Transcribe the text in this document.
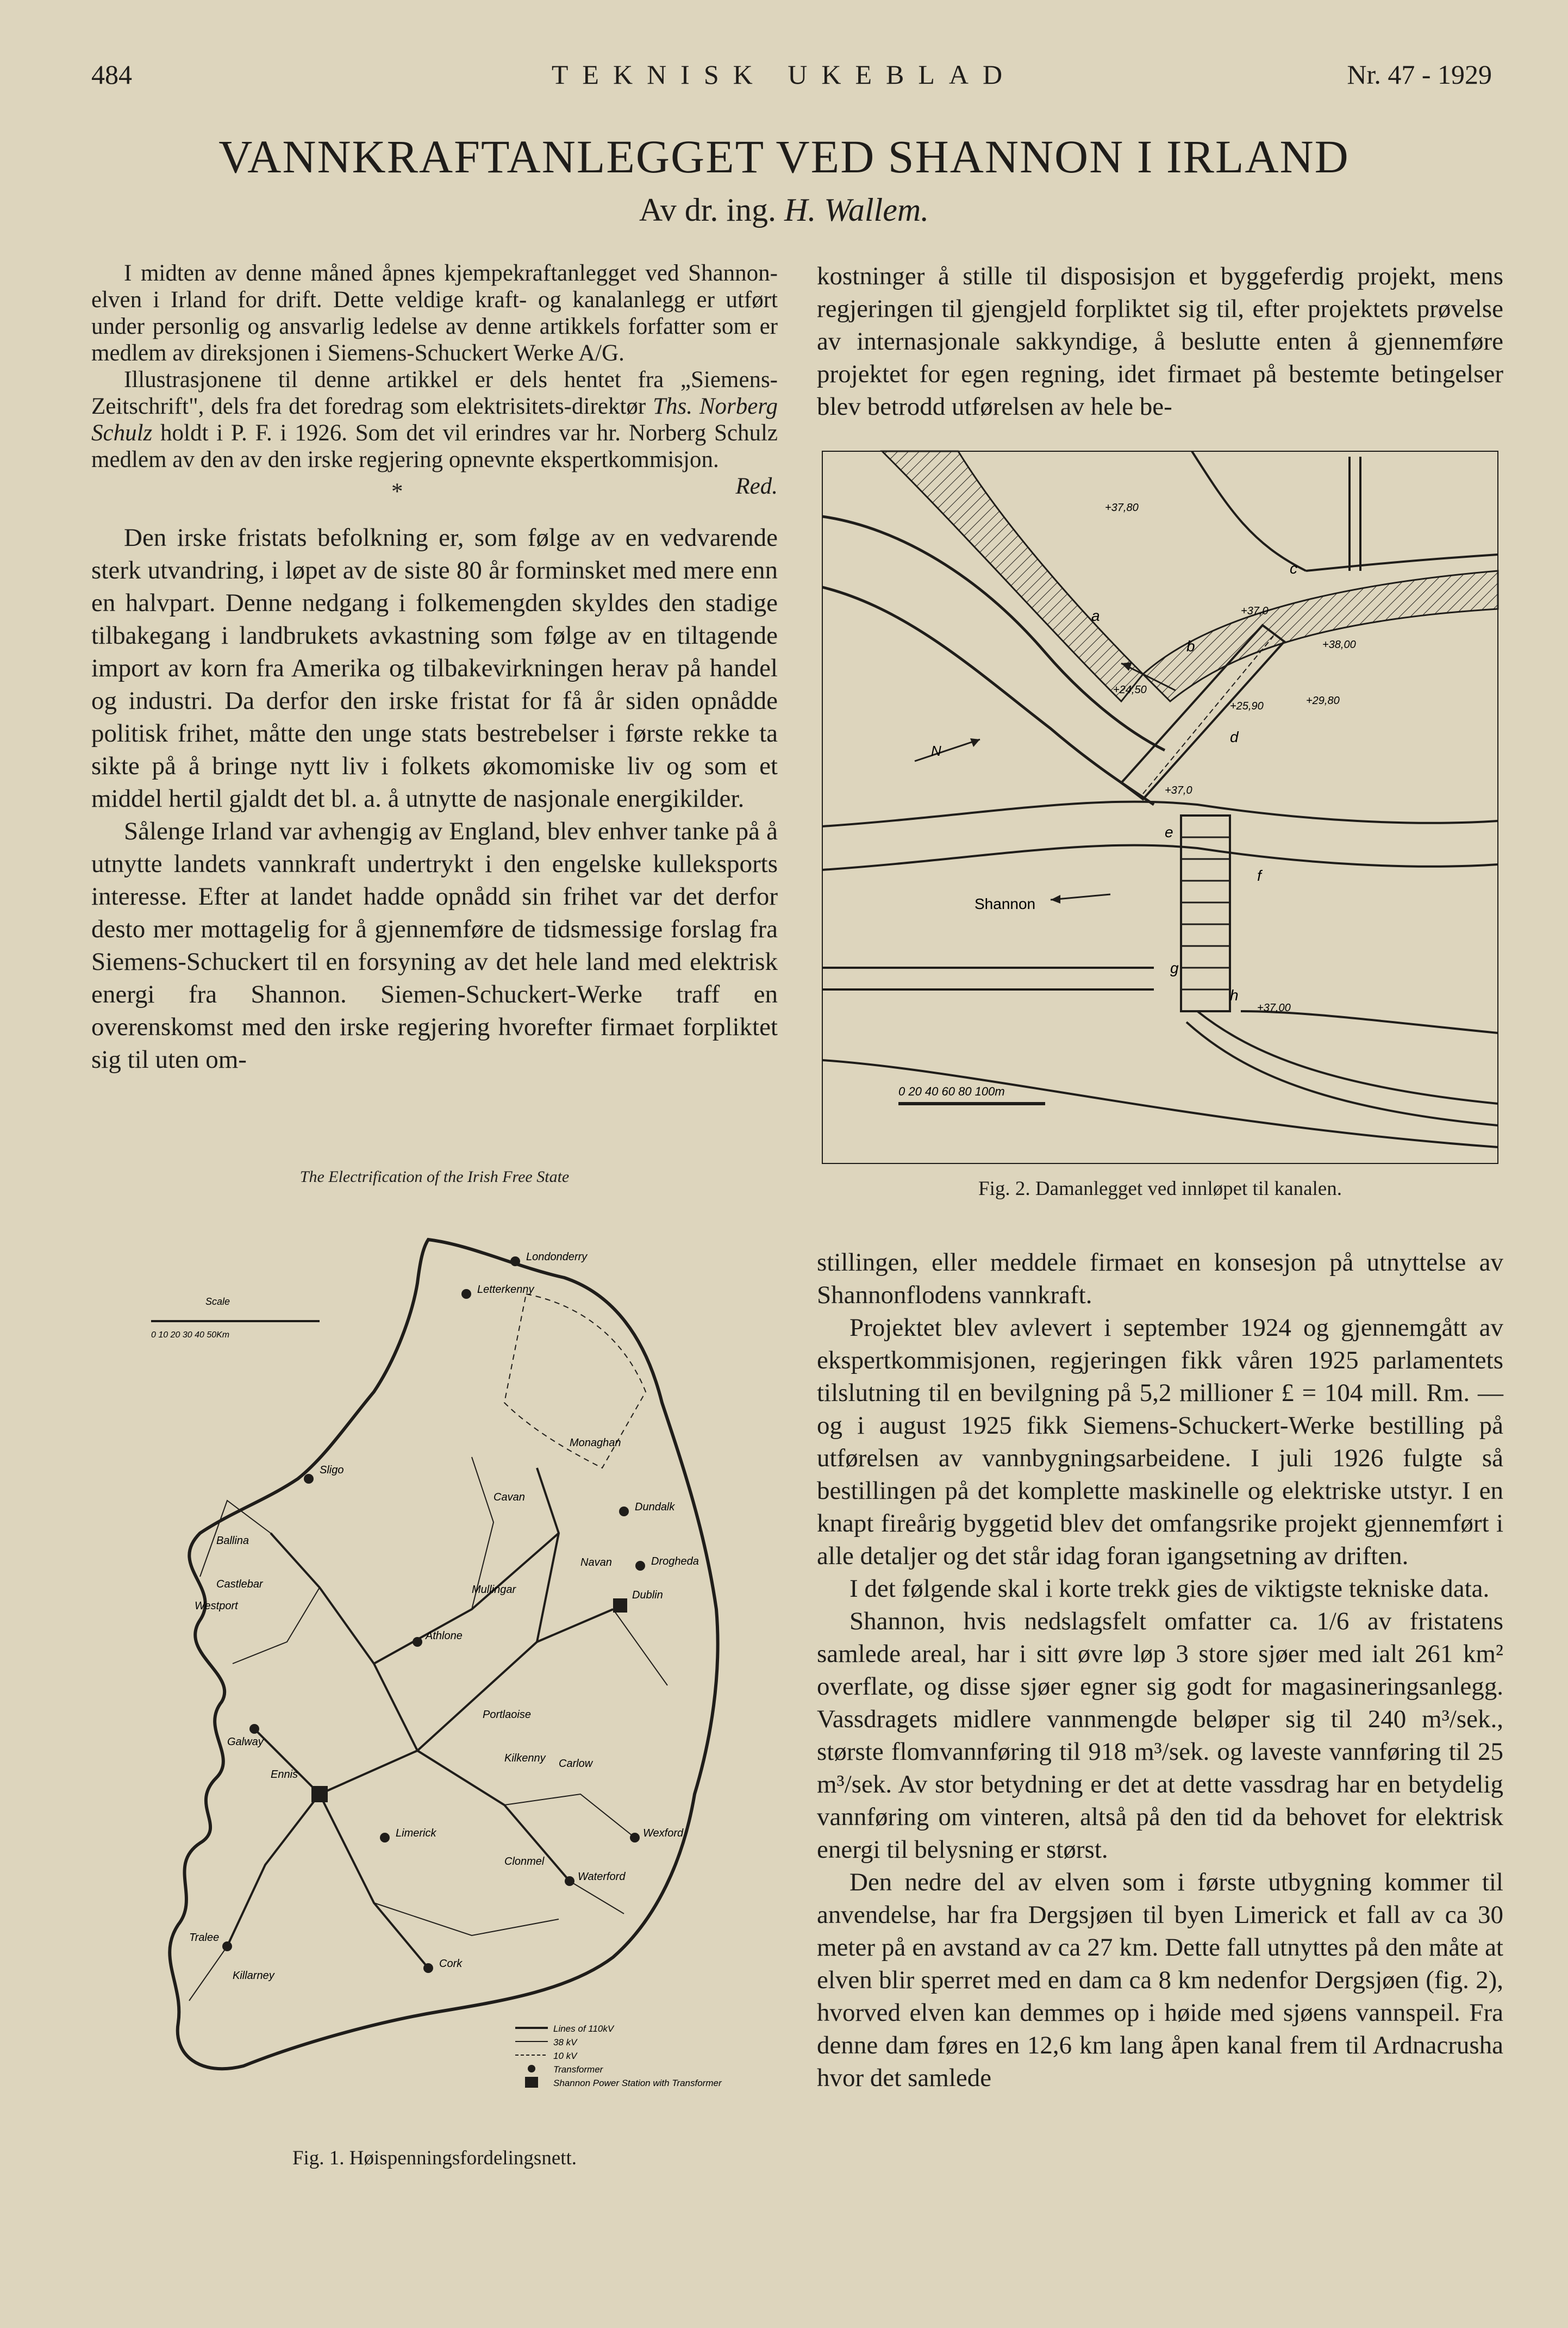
484	TEKNISK UKEBLAD	Nr. 47 - 1929
VANNKRAFTANLEGGET VED SHANNON I IRLAND
Av dr. ing. H. Wallem.

I midten av denne måned åpnes kjempekraftanlegget ved Shannon-elven i Irland for drift. Dette veldige kraft- og kanalanlegg er utført under personlig og ansvarlig ledelse av denne artikkels forfatter som er medlem av direksjonen i Siemens-Schuckert Werke A/G.

Illustrasjonene til denne artikkel er dels hentet fra „Siemens-Zeitschrift", dels fra det foredrag som elektrisitets-direktør Ths. Norberg Schulz holdt i P. F. i 1926. Som det vil erindres var hr. Norberg Schulz medlem av den av den irske regjering opnevnte ekspertkommisjon.
Red.

*

Den irske fristats befolkning er, som følge av en vedvarende sterk utvandring, i løpet av de siste 80 år forminsket med mere enn en halvpart. Denne nedgang i folkemengden skyldes den stadige tilbakegang i landbrukets avkastning som følge av en tiltagende import av korn fra Amerika og tilbakevirkningen herav på handel og industri. Da derfor den irske fristat for få år siden opnådde politisk frihet, måtte den unge stats bestrebelser i første rekke ta sikte på å bringe nytt liv i folkets økomomiske liv og som et middel hertil gjaldt det bl. a. å utnytte de nasjonale energikilder.

Sålenge Irland var avhengig av England, blev enhver tanke på å utnytte landets vannkraft undertrykt i den engelske kulleksports interesse. Efter at landet hadde opnådd sin frihet var det derfor desto mer mottagelig for å gjennemføre de tidsmessige forslag fra Siemens-Schuckert til en forsyning av det hele land med elektrisk energi fra Shannon. Siemen-Schuckert-Werke traff en overenskomst med den irske regjering hvorefter firmaet forpliktet sig til uten om-

kostninger å stille til disposisjon et byggeferdig projekt, mens regjeringen til gjengjeld forpliktet sig til, efter projektets prøvelse av internasjonale sakkyndige, å beslutte enten å gjennemføre projektet for egen regning, idet firmaet på bestemte betingelser blev betrodd utførelsen av hele be-

a
b
c
d
e
f
g
h
N
Shannon
+37,80
+37,0
+38,00
+24,50
+25,90	+29,80
+37,0
+37,00
0 20 40 60 80 100m
Fig. 2. Damanlegget ved innløpet til kanalen.

stillingen, eller meddele firmaet en konsesjon på utnyttelse av Shannonflodens vannkraft.

Projektet blev avlevert i september 1924 og gjennemgått av ekspertkommisjonen, regjeringen fikk våren 1925 parlamentets tilslutning til en bevilgning på 5,2 millioner £ = 104 mill. Rm. — og i august 1925 fikk Siemens-Schuckert-Werke bestilling på utførelsen av vannbygningsarbeidene. I juli 1926 fulgte så bestillingen på det komplette maskinelle og elektriske utstyr. I en knapt fireårig byggetid blev det omfangsrike projekt gjennemført i alle detaljer og det står idag foran igangsetning av driften.

I det følgende skal i korte trekk gies de viktigste tekniske data.

Shannon, hvis nedslagsfelt omfatter ca. 1/6 av fristatens samlede areal, har i sitt øvre løp 3 store sjøer med ialt 261 km² overflate, og disse sjøer egner sig godt for magasineringsanlegg. Vassdragets midlere vannmengde beløper sig til 240 m³/sek., største flomvannføring til 918 m³/sek. og laveste vannføring til 25 m³/sek. Av stor betydning er det at dette vassdrag har en betydelig vannføring om vinteren, altså på den tid da behovet for elektrisk energi til belysning er størst.

Den nedre del av elven som i første utbygning kommer til anvendelse, har fra Dergsjøen til byen Limerick et fall av ca 30 meter på en avstand av ca 27 km. Dette fall utnyttes på den måte at elven blir sperret med en dam ca 8 km nedenfor Dergsjøen (fig. 2), hvorved elven kan demmes op i høide med sjøens vannspeil. Fra denne dam føres en 12,6 km lang åpen kanal frem til Ardnacrusha hvor det samlede

The Electrification of the Irish Free State
Scale
0 10 20 30 40 50Km
Londonderry
Letterkenny
Sligo
Dundalk
Drogheda
Dublin
Athlone
Galway
Limerick
Cork
Waterford
Wexford
Tralee
Killarney
Kilkenny
Mullingar
Ballina
Westport
Castlebar
Ennis
Clonmel
Carlow
Navan
Monaghan
Cavan
Portlaoise
Lines of 110kV
38 kV
10 kV
Transformer
Shannon Power Station with Transformer
Fig. 1. Høispenningsfordelingsnett.
